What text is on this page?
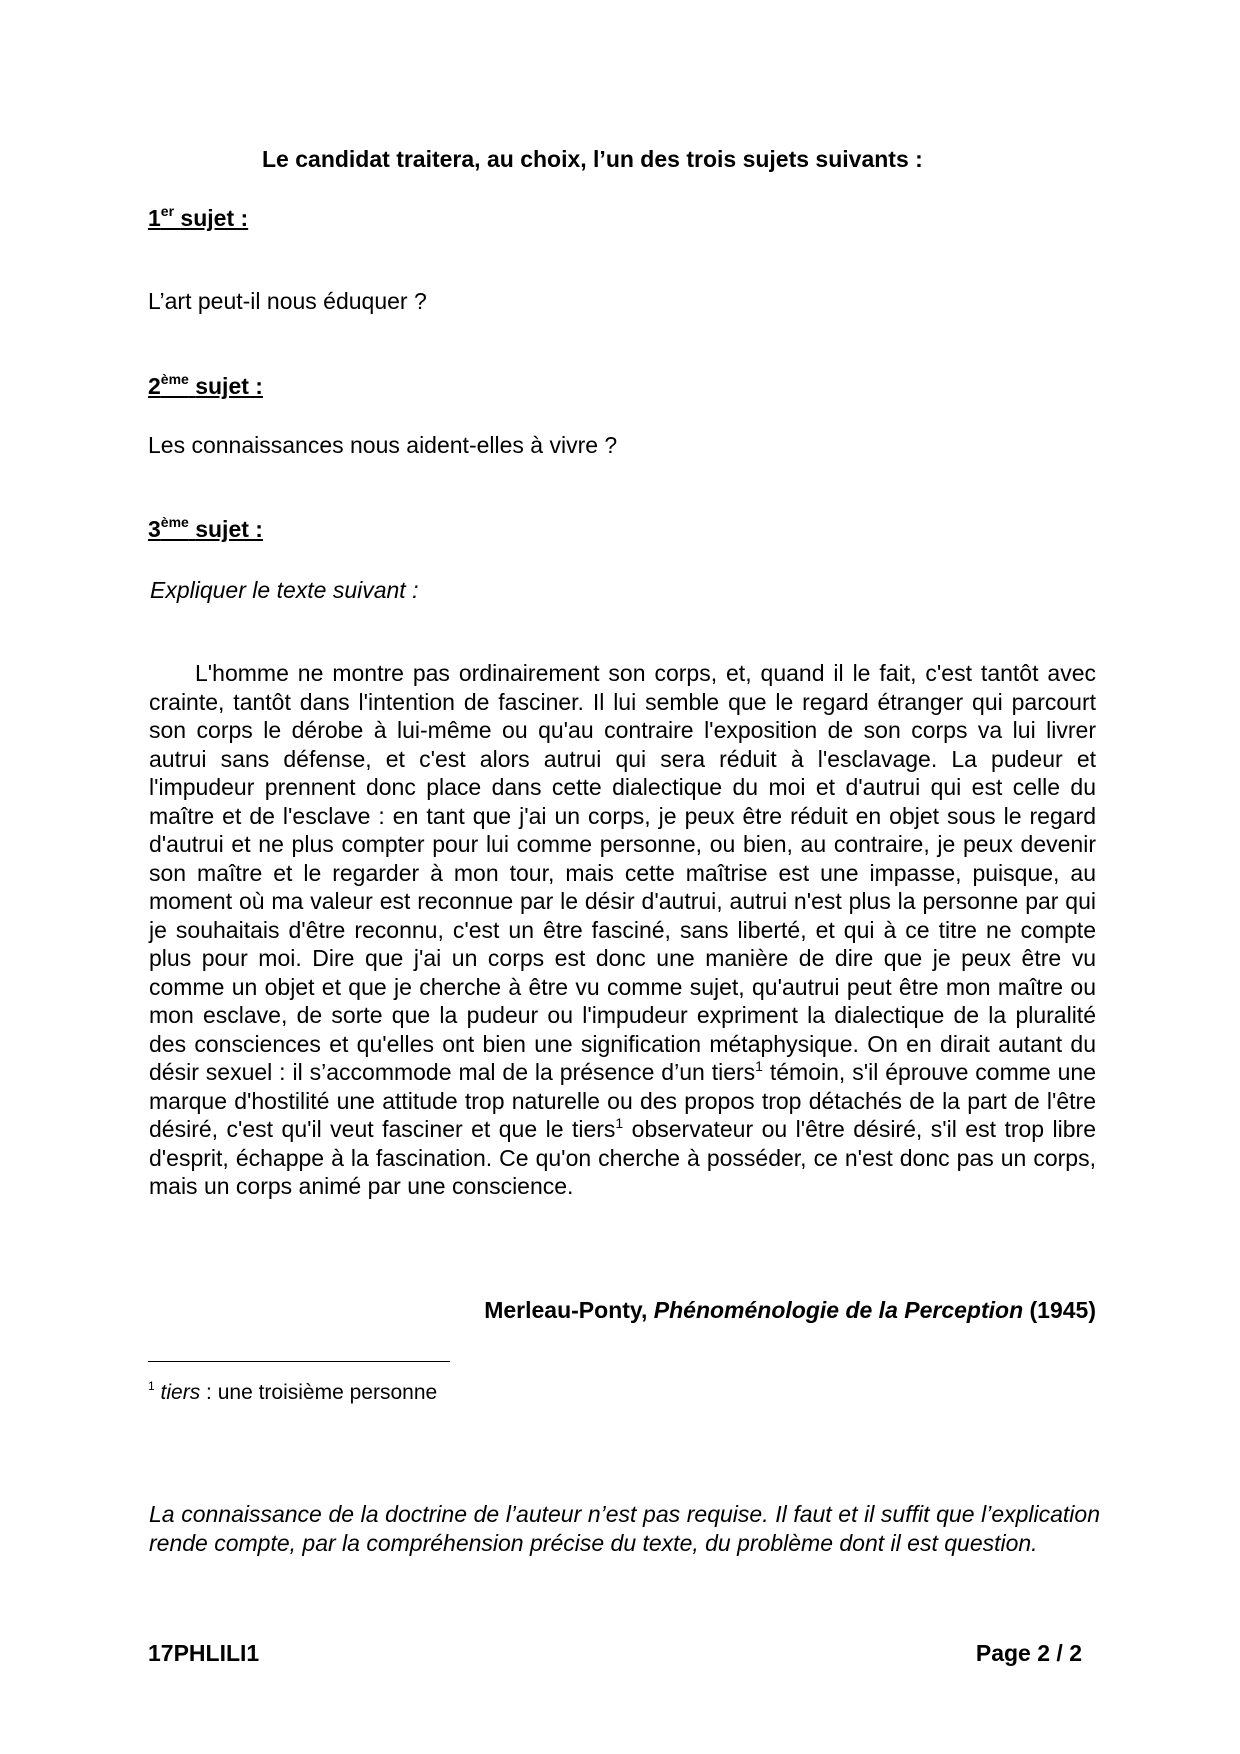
Le candidat traitera, au choix, l’un des trois sujets suivants :
1er sujet :
L’art peut-il nous éduquer ?
2ème sujet :
Les connaissances nous aident-elles à vivre ?
3ème sujet :
Expliquer le texte suivant :
L'homme ne montre pas ordinairement son corps, et, quand il le fait, c'est tantôt avec crainte, tantôt dans l'intention de fasciner. Il lui semble que le regard étranger qui parcourt son corps le dérobe à lui-même ou qu'au contraire l'exposition de son corps va lui livrer autrui sans défense, et c'est alors autrui qui sera réduit à l'esclavage. La pudeur et l'impudeur prennent donc place dans cette dialectique du moi et d'autrui qui est celle du maître et de l'esclave : en tant que j'ai un corps, je peux être réduit en objet sous le regard d'autrui et ne plus compter pour lui comme personne, ou bien, au contraire, je peux devenir son maître et le regarder à mon tour, mais cette maîtrise est une impasse, puisque, au moment où ma valeur est reconnue par le désir d'autrui, autrui n'est plus la personne par qui je souhaitais d'être reconnu, c'est un être fasciné, sans liberté, et qui à ce titre ne compte plus pour moi. Dire que j'ai un corps est donc une manière de dire que je peux être vu comme un objet et que je cherche à être vu comme sujet, qu'autrui peut être mon maître ou mon esclave, de sorte que la pudeur ou l'impudeur expriment la dialectique de la pluralité des consciences et qu'elles ont bien une signification métaphysique. On en dirait autant du désir sexuel : il s’accommode mal de la présence d’un tiers$^1$ témoin, s'il éprouve comme une marque d'hostilité une attitude trop naturelle ou des propos trop détachés de la part de l'être désiré, c'est qu'il veut fasciner et que le tiers$^1$ observateur ou l'être désiré, s'il est trop libre d'esprit, échappe à la fascination. Ce qu'on cherche à posséder, ce n'est donc pas un corps, mais un corps animé par une conscience.
Merleau-Ponty, Phénoménologie de la Perception (1945)
$^1$ tiers : une troisième personne
La connaissance de la doctrine de l’auteur n’est pas requise. Il faut et il suffit que l’explication rende compte, par la compréhension précise du texte, du problème dont il est question.
17PHLILI1	Page 2 / 2
